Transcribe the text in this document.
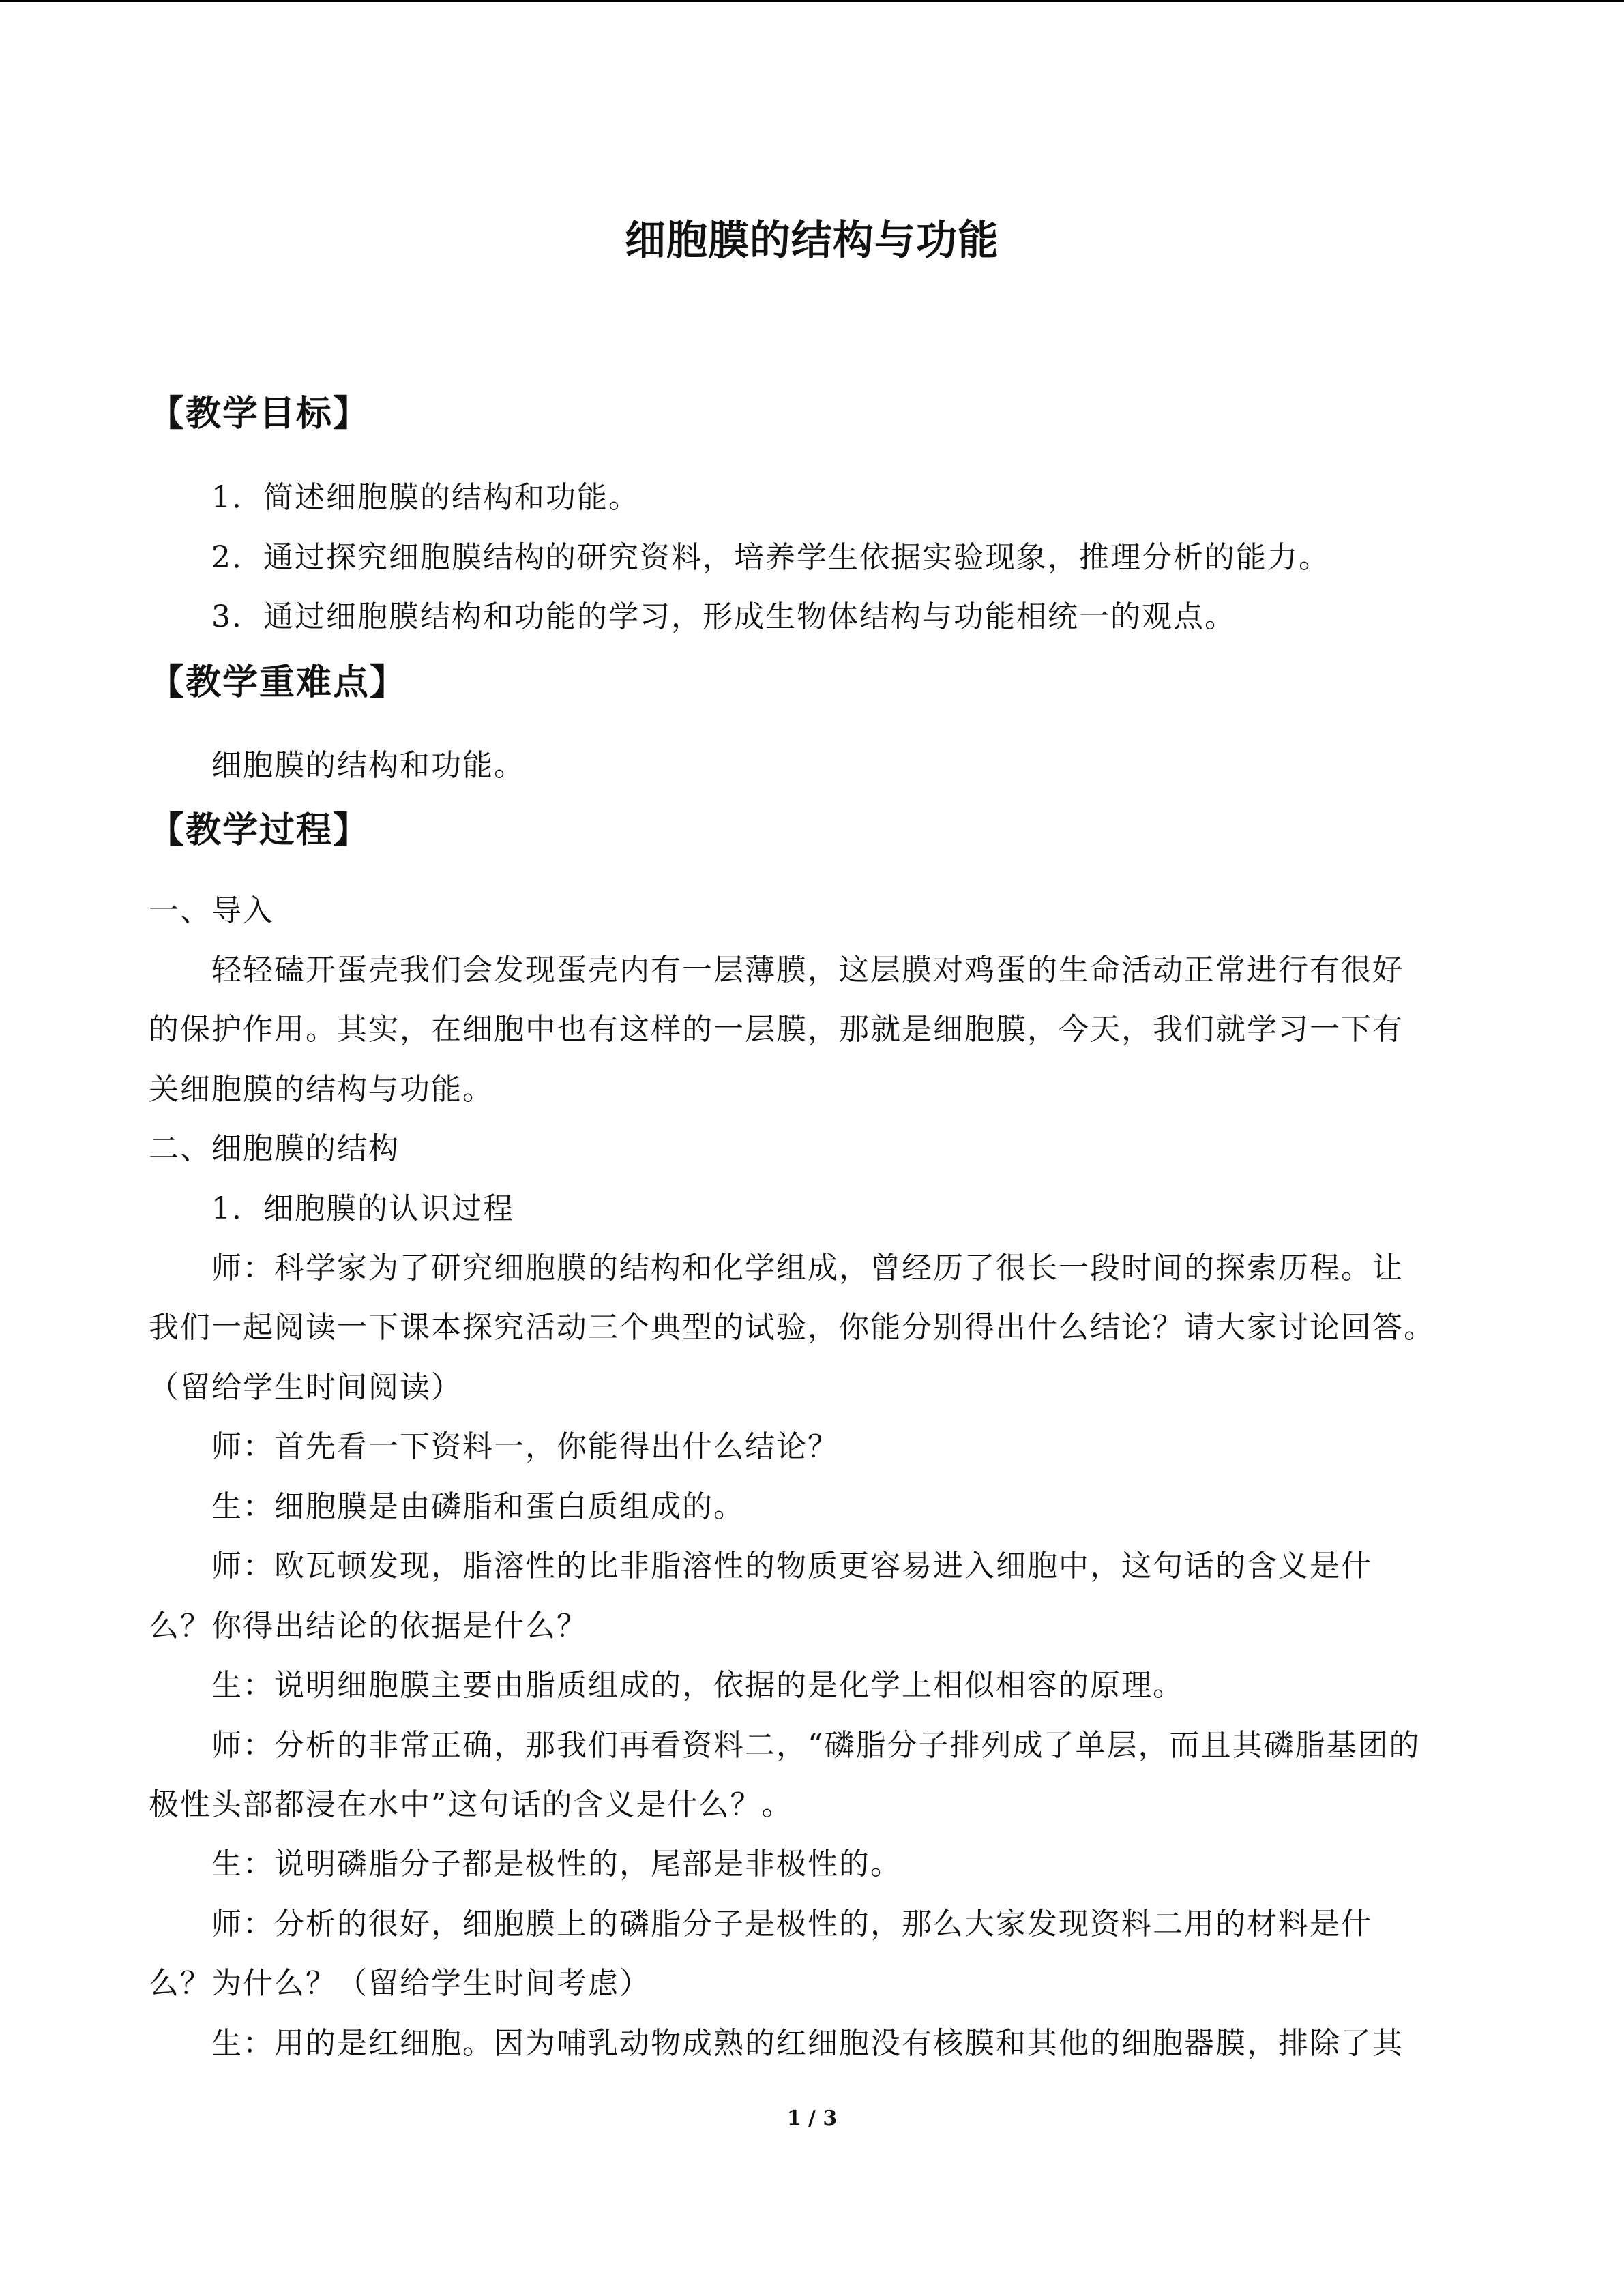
细胞膜的结构与功能
【教学目标】
1．简述细胞膜的结构和功能。
2．通过探究细胞膜结构的研究资料，培养学生依据实验现象，推理分析的能力。
3．通过细胞膜结构和功能的学习，形成生物体结构与功能相统一的观点。
【教学重难点】
细胞膜的结构和功能。
【教学过程】
一、导入
轻轻磕开蛋壳我们会发现蛋壳内有一层薄膜，这层膜对鸡蛋的生命活动正常进行有很好
的保护作用。其实，在细胞中也有这样的一层膜，那就是细胞膜，今天，我们就学习一下有
关细胞膜的结构与功能。
二、细胞膜的结构
1．细胞膜的认识过程
师：科学家为了研究细胞膜的结构和化学组成，曾经历了很长一段时间的探索历程。让
我们一起阅读一下课本探究活动三个典型的试验，你能分别得出什么结论？请大家讨论回答。
（留给学生时间阅读）
师：首先看一下资料一，你能得出什么结论？
生：细胞膜是由磷脂和蛋白质组成的。
师：欧瓦顿发现，脂溶性的比非脂溶性的物质更容易进入细胞中，这句话的含义是什
么？你得出结论的依据是什么？
生：说明细胞膜主要由脂质组成的，依据的是化学上相似相容的原理。
师：分析的非常正确，那我们再看资料二，“磷脂分子排列成了单层，而且其磷脂基团的
极性头部都浸在水中”这句话的含义是什么？。
生：说明磷脂分子都是极性的，尾部是非极性的。
师：分析的很好，细胞膜上的磷脂分子是极性的，那么大家发现资料二用的材料是什
么？为什么？（留给学生时间考虑）
生：用的是红细胞。因为哺乳动物成熟的红细胞没有核膜和其他的细胞器膜，排除了其
1 / 3
